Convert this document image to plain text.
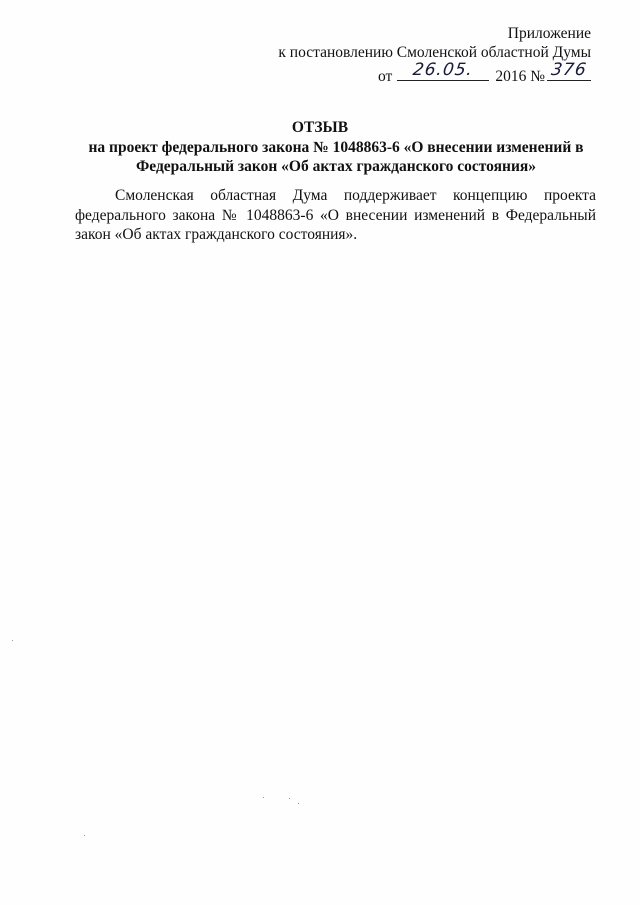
Приложение
к постановлению Смоленской областной Думы
от	26.05.	2016 № 376
ОТЗЫВ
на проект федерального закона № 1048863-6 «О внесении изменений в Федеральный закон «Об актах гражданского состояния»
Смоленская областная Дума поддерживает концепцию проекта федерального закона № 1048863-6 «О внесении изменений в Федеральный закон «Об актах гражданского состояния».
